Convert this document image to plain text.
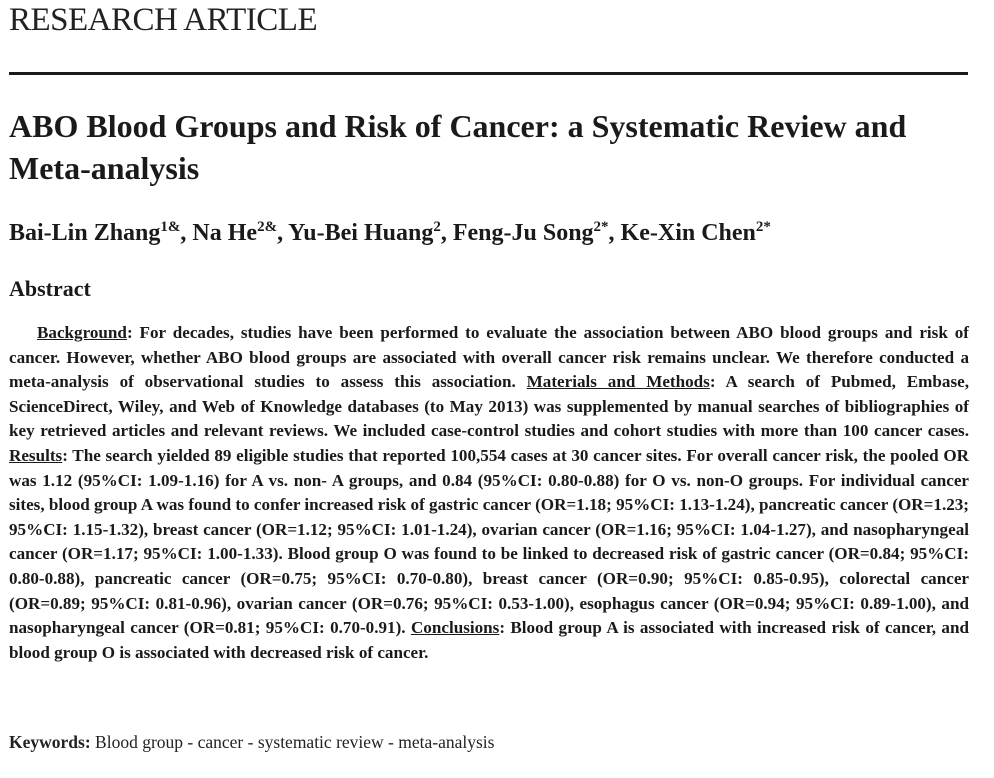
RESEARCH ARTICLE
ABO Blood Groups and Risk of Cancer: a Systematic Review and Meta-analysis
Bai-Lin Zhang$^{1\&}$, Na $He^{2\&}$, Yu-Bei Huang$^2$, Feng-Ju Song$^{2*}$, Ke-Xin Chen$^{2*}$
Abstract

Background: For decades, studies have been performed to evaluate the association between ABO blood groups and risk of cancer. However, whether ABO blood groups are associated with overall cancer risk remains unclear. We therefore conducted a meta-analysis of observational studies to assess this association. Materials and Methods: A search of Pubmed, Embase, ScienceDirect, Wiley, and Web of Knowledge databases (to May 2013) was supplemented by manual searches of bibliographies of key retrieved articles and relevant reviews. We included case-control studies and cohort studies with more than 100 cancer cases. Results: The search yielded 89 eligible studies that reported 100,554 cases at 30 cancer sites. For overall cancer risk, the pooled OR was 1.12 (95%CI: 1.09-1.16) for A vs. non- A groups, and 0.84 (95%CI: 0.80-0.88) for O vs. non-O groups. For individual cancer sites, blood group A was found to confer increased risk of gastric cancer (OR=1.18; 95%CI: 1.13-1.24), pancreatic cancer (OR=1.23; 95%CI: 1.15-1.32), breast cancer (OR=1.12; 95%CI: 1.01-1.24), ovarian cancer (OR=1.16; 95%CI: 1.04-1.27), and nasopharyngeal cancer (OR=1.17; 95%CI: 1.00-1.33). Blood group O was found to be linked to decreased risk of gastric cancer (OR=0.84; 95%CI: 0.80-0.88), pancreatic cancer (OR=0.75; 95%CI: 0.70-0.80), breast cancer (OR=0.90; 95%CI: 0.85-0.95), colorectal cancer (OR=0.89; 95%CI: 0.81-0.96), ovarian cancer (OR=0.76; 95%CI: 0.53-1.00), esophagus cancer (OR=0.94; 95%CI: 0.89-1.00), and nasopharyngeal cancer (OR=0.81; 95%CI: 0.70-0.91). Conclusions: Blood group A is associated with increased risk of cancer, and blood group O is associated with decreased risk of cancer.

Keywords: Blood group - cancer - systematic review - meta-analysis
